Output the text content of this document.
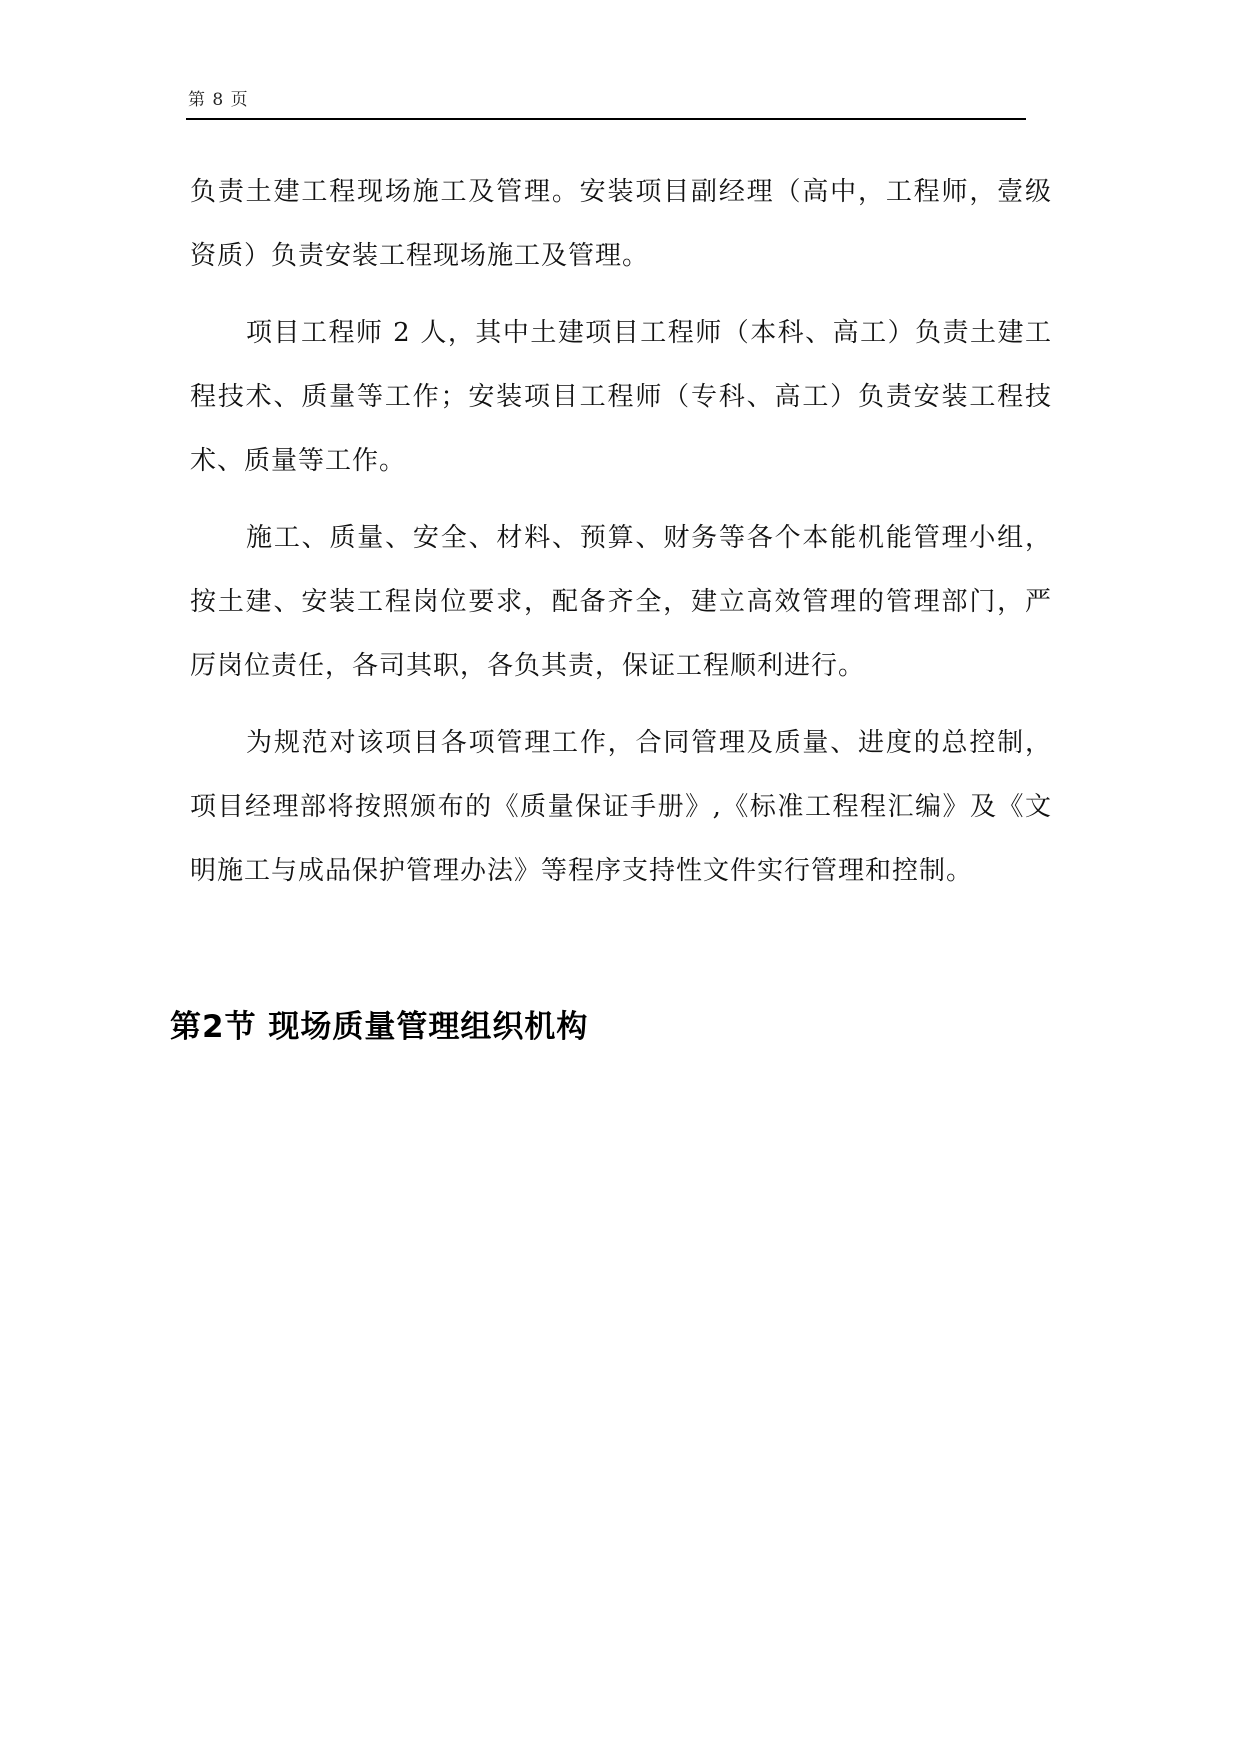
第 8 页

负责土建工程现场施工及管理。安装项目副经理（高中，工程师，壹级资质）负责安装工程现场施工及管理。

项目工程师 2 人，其中土建项目工程师（本科、高工）负责土建工程技术、质量等工作；安装项目工程师（专科、高工）负责安装工程技术、质量等工作。

施工、质量、安全、材料、预算、财务等各个本能机能管理小组，按土建、安装工程岗位要求，配备齐全，建立高效管理的管理部门，严厉岗位责任，各司其职，各负其责，保证工程顺利进行。

为规范对该项目各项管理工作，合同管理及质量、进度的总控制，项目经理部将按照颁布的《质量保证手册》,《标准工程程汇编》及《文明施工与成品保护管理办法》等程序支持性文件实行管理和控制。

第2节 现场质量管理组织机构
